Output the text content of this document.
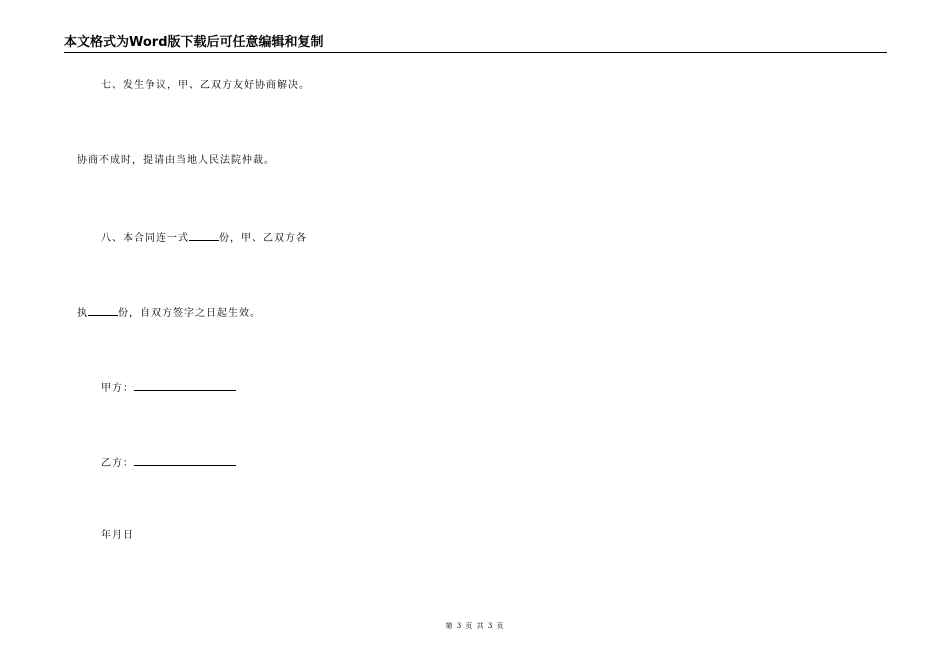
本文格式为Word版下载后可任意编辑和复制
七、发生争议，甲、乙双方友好协商解决。
协商不成时，提请由当地人民法院仲裁。
八、本合同连一式	份，甲、乙双方各
执	份，自双方签字之日起生效。
甲方：
乙方：
年月日
第 3 页 共 3 页
